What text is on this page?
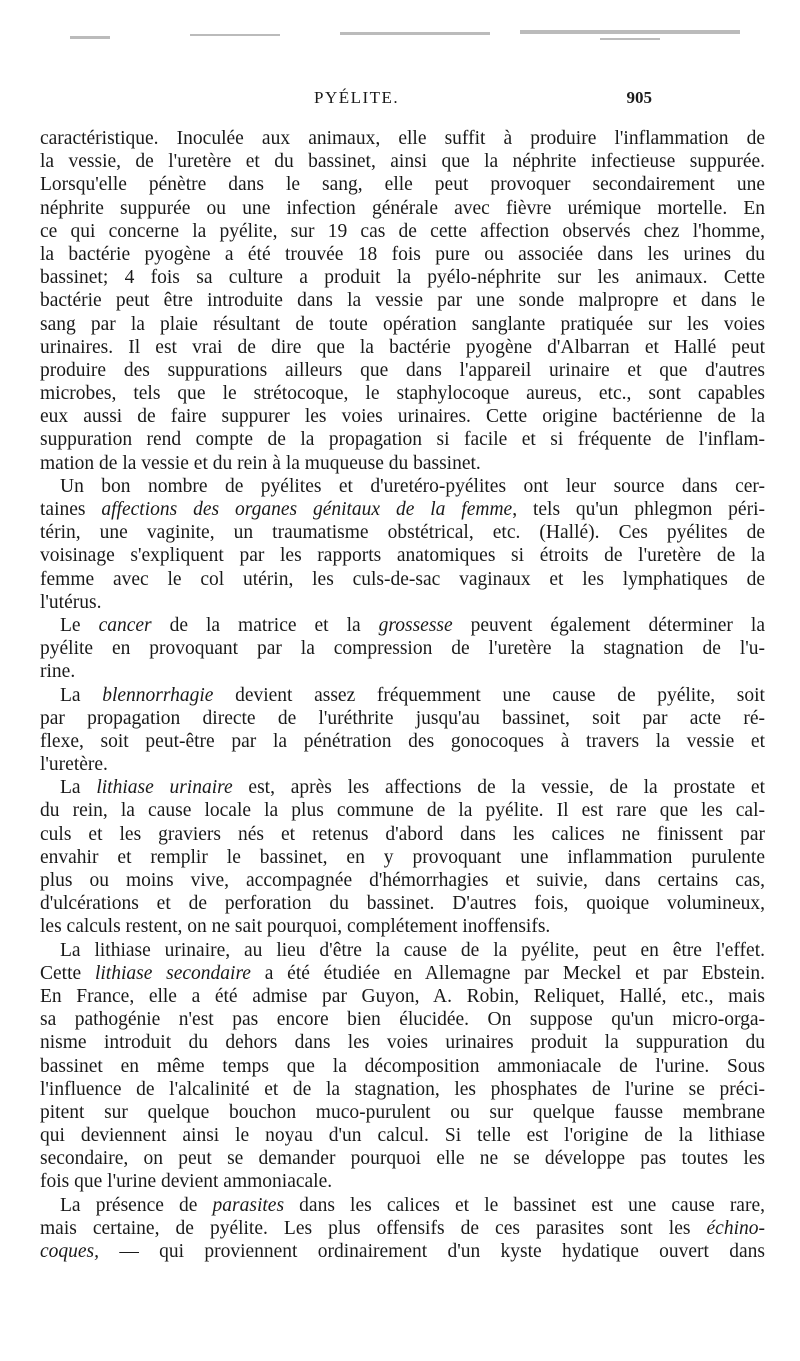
PYÉLITE.	905
caractéristique. Inoculée aux animaux, elle suffit à produire l'inflammation de
la vessie, de l'uretère et du bassinet, ainsi que la néphrite infectieuse suppurée.
Lorsqu'elle pénètre dans le sang, elle peut provoquer secondairement une
néphrite suppurée ou une infection générale avec fièvre urémique mortelle. En
ce qui concerne la pyélite, sur 19 cas de cette affection observés chez l'homme,
la bactérie pyogène a été trouvée 18 fois pure ou associée dans les urines du
bassinet; 4 fois sa culture a produit la pyélo-néphrite sur les animaux. Cette
bactérie peut être introduite dans la vessie par une sonde malpropre et dans le
sang par la plaie résultant de toute opération sanglante pratiquée sur les voies
urinaires. Il est vrai de dire que la bactérie pyogène d'Albarran et Hallé peut
produire des suppurations ailleurs que dans l'appareil urinaire et que d'autres
microbes, tels que le strétocoque, le staphylocoque aureus, etc., sont capables
eux aussi de faire suppurer les voies urinaires. Cette origine bactérienne de la
suppuration rend compte de la propagation si facile et si fréquente de l'inflam-
mation de la vessie et du rein à la muqueuse du bassinet.
Un bon nombre de pyélites et d'uretéro-pyélites ont leur source dans cer-
taines affections des organes génitaux de la femme, tels qu'un phlegmon péri-
térin, une vaginite, un traumatisme obstétrical, etc. (Hallé). Ces pyélites de
voisinage s'expliquent par les rapports anatomiques si étroits de l'uretère de la
femme avec le col utérin, les culs-de-sac vaginaux et les lymphatiques de
l'utérus.
Le cancer de la matrice et la grossesse peuvent également déterminer la
pyélite en provoquant par la compression de l'uretère la stagnation de l'u-
rine.
La blennorrhagie devient assez fréquemment une cause de pyélite, soit
par propagation directe de l'uréthrite jusqu'au bassinet, soit par acte ré-
flexe, soit peut-être par la pénétration des gonocoques à travers la vessie et
l'uretère.
La lithiase urinaire est, après les affections de la vessie, de la prostate et
du rein, la cause locale la plus commune de la pyélite. Il est rare que les cal-
culs et les graviers nés et retenus d'abord dans les calices ne finissent par
envahir et remplir le bassinet, en y provoquant une inflammation purulente
plus ou moins vive, accompagnée d'hémorrhagies et suivie, dans certains cas,
d'ulcérations et de perforation du bassinet. D'autres fois, quoique volumineux,
les calculs restent, on ne sait pourquoi, complétement inoffensifs.
La lithiase urinaire, au lieu d'être la cause de la pyélite, peut en être l'effet.
Cette lithiase secondaire a été étudiée en Allemagne par Meckel et par Ebstein.
En France, elle a été admise par Guyon, A. Robin, Reliquet, Hallé, etc., mais
sa pathogénie n'est pas encore bien élucidée. On suppose qu'un micro-orga-
nisme introduit du dehors dans les voies urinaires produit la suppuration du
bassinet en même temps que la décomposition ammoniacale de l'urine. Sous
l'influence de l'alcalinité et de la stagnation, les phosphates de l'urine se préci-
pitent sur quelque bouchon muco-purulent ou sur quelque fausse membrane
qui deviennent ainsi le noyau d'un calcul. Si telle est l'origine de la lithiase
secondaire, on peut se demander pourquoi elle ne se développe pas toutes les
fois que l'urine devient ammoniacale.
La présence de parasites dans les calices et le bassinet est une cause rare,
mais certaine, de pyélite. Les plus offensifs de ces parasites sont les échino-
coques, — qui proviennent ordinairement d'un kyste hydatique ouvert dans
